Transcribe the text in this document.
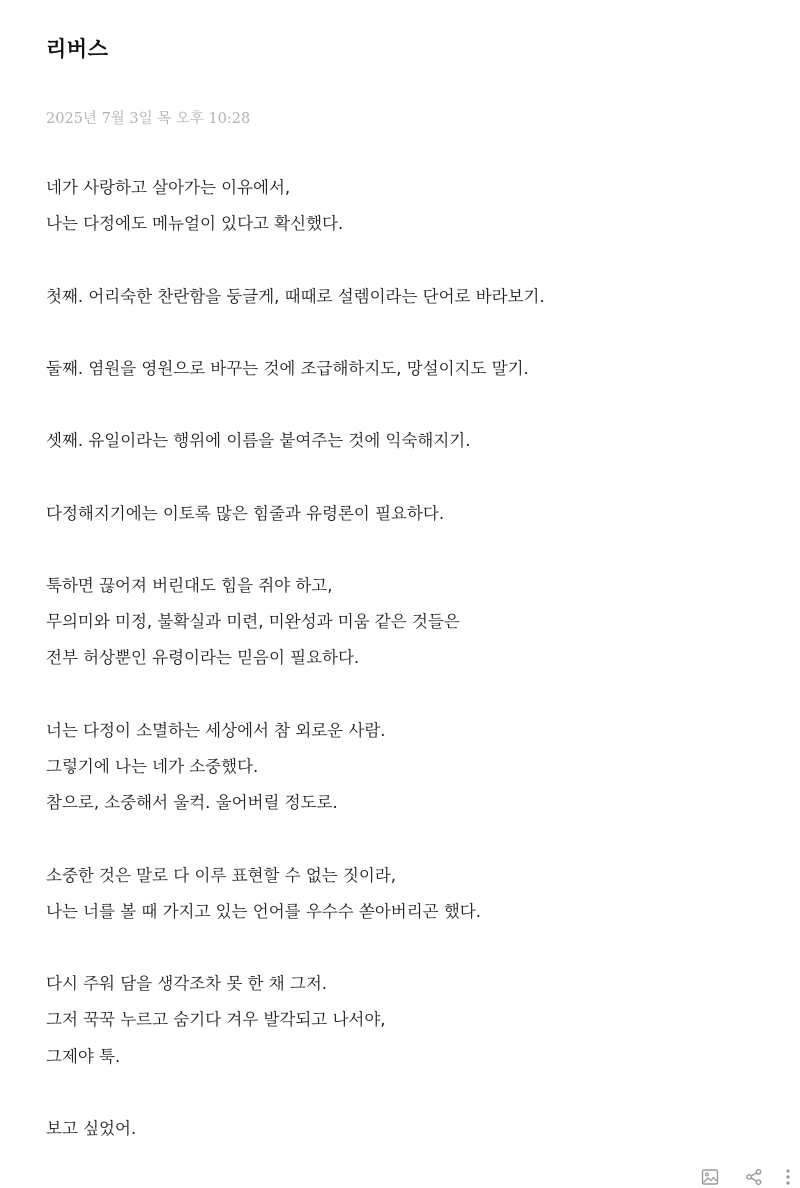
리버스
2025년 7월 3일 목 오후 10:28
네가 사랑하고 살아가는 이유에서,
나는 다정에도 메뉴얼이 있다고 확신했다.
첫째. 어리숙한 찬란함을 둥글게, 때때로 설렘이라는 단어로 바라보기.
둘째. 염원을 영원으로 바꾸는 것에 조급해하지도, 망설이지도 말기.
셋째. 유일이라는 행위에 이름을 붙여주는 것에 익숙해지기.
다정해지기에는 이토록 많은 힘줄과 유령론이 필요하다.
툭하면 끊어져 버린대도 힘을 쥐야 하고,
무의미와 미정, 불확실과 미련, 미완성과 미움 같은 것들은
전부 허상뿐인 유령이라는 믿음이 필요하다.
너는 다정이 소멸하는 세상에서 참 외로운 사람.
그렇기에 나는 네가 소중했다.
참으로, 소중해서 울컥. 울어버릴 정도로.
소중한 것은 말로 다 이루 표현할 수 없는 짓이라,
나는 너를 볼 때 가지고 있는 언어를 우수수 쏟아버리곤 했다.
다시 주워 담을 생각조차 못 한 채 그저.
그저 꾹꾹 누르고 숨기다 겨우 발각되고 나서야,
그제야 툭.
보고 싶었어.
